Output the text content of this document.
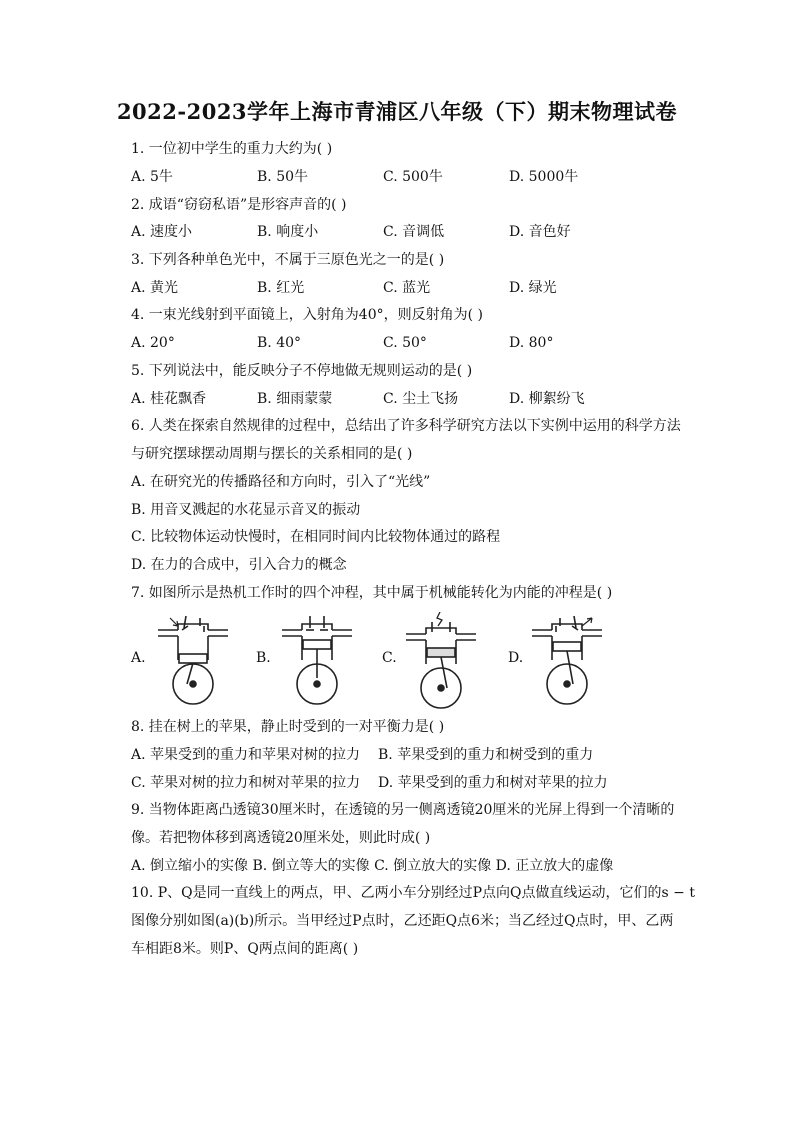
2022-2023学年上海市青浦区八年级（下）期末物理试卷
1. 一位初中学生的重力大约为( )
A. 5牛	B. 50牛	C. 500牛	D. 5000牛
2. 成语“窃窃私语”是形容声音的( )
A. 速度小	B. 响度小	C. 音调低	D. 音色好
3. 下列各种单色光中，不属于三原色光之一的是( )
A. 黄光	B. 红光	C. 蓝光	D. 绿光
4. 一束光线射到平面镜上，入射角为40°，则反射角为( )
A. 20°	B. 40°	C. 50°	D. 80°
5. 下列说法中，能反映分子不停地做无规则运动的是( )
A. 桂花飘香	B. 细雨蒙蒙	C. 尘土飞扬	D. 柳絮纷飞
6. 人类在探索自然规律的过程中，总结出了许多科学研究方法以下实例中运用的科学方法
与研究摆球摆动周期与摆长的关系相同的是( )
A. 在研究光的传播路径和方向时，引入了“光线”
B. 用音叉溅起的水花显示音叉的振动
C. 比较物体运动快慢时，在相同时间内比较物体通过的路程
D. 在力的合成中，引入合力的概念
7. 如图所示是热机工作时的四个冲程，其中属于机械能转化为内能的冲程是( )
A.	B.	C.	D.
8. 挂在树上的苹果，静止时受到的一对平衡力是( )
A. 苹果受到的重力和苹果对树的拉力 B. 苹果受到的重力和树受到的重力
C. 苹果对树的拉力和树对苹果的拉力 D. 苹果受到的重力和树对苹果的拉力
9. 当物体距离凸透镜30厘米时，在透镜的另一侧离透镜20厘米的光屏上得到一个清晰的
像。若把物体移到离透镜20厘米处，则此时成( )
A. 倒立缩小的实像 B. 倒立等大的实像 C. 倒立放大的实像 D. 正立放大的虚像
10. P、Q是同一直线上的两点，甲、乙两小车分别经过P点向Q点做直线运动，它们的s − t
图像分别如图(a)(b)所示。当甲经过P点时，乙还距Q点6米；当乙经过Q点时，甲、乙两
车相距8米。则P、Q两点间的距离( )
